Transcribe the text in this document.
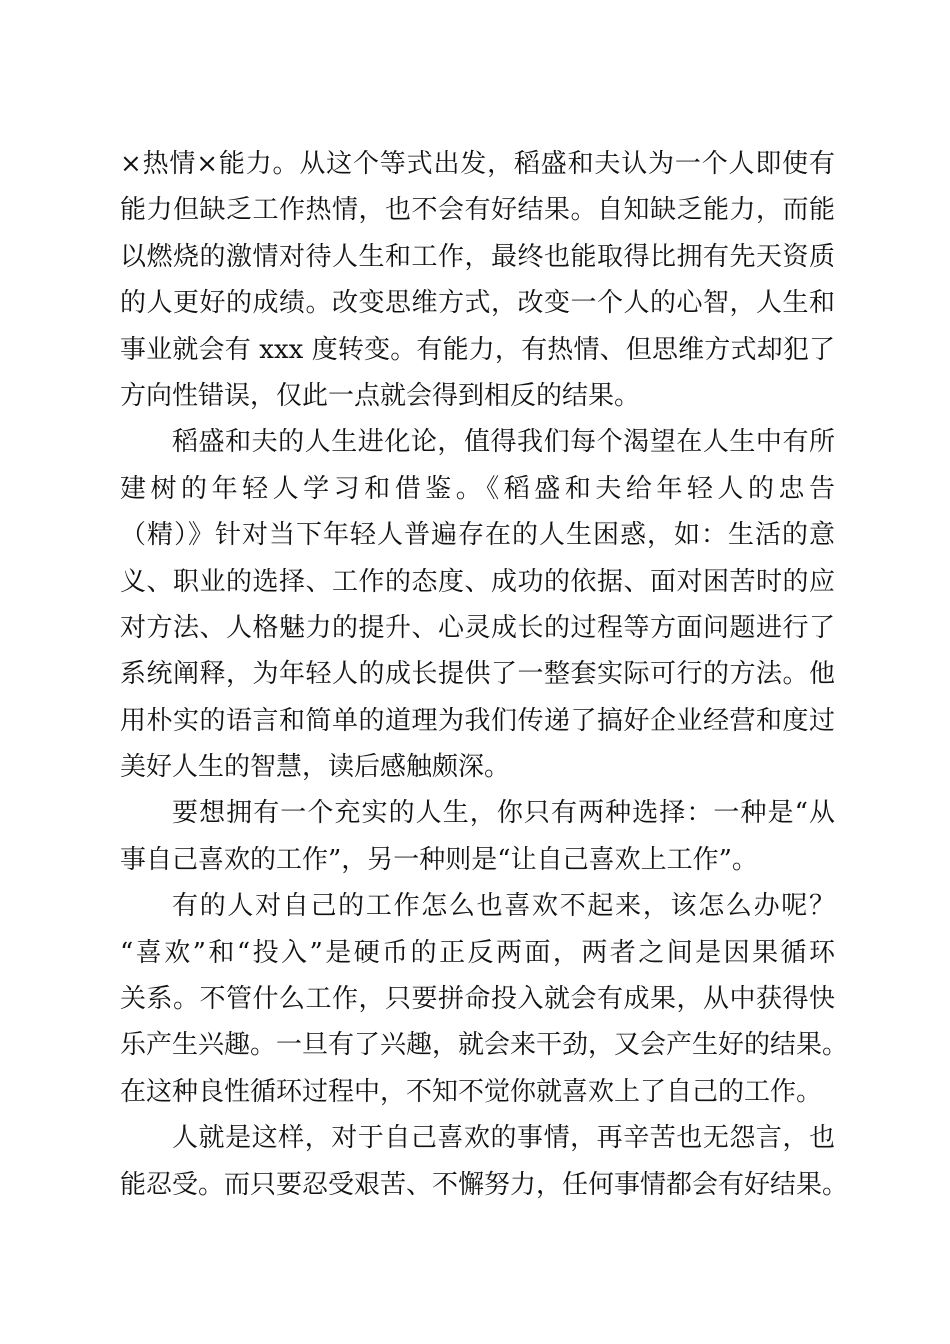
×热情×能力。从这个等式出发，稻盛和夫认为一个人即使有
能力但缺乏工作热情，也不会有好结果。自知缺乏能力，而能
以燃烧的激情对待人生和工作，最终也能取得比拥有先天资质
的人更好的成绩。改变思维方式，改变一个人的心智，人生和
事业就会有 xxx 度转变。有能力，有热情、但思维方式却犯了
方向性错误，仅此一点就会得到相反的结果。
稻盛和夫的人生进化论，值得我们每个渴望在人生中有所
建树的年轻人学习和借鉴。《稻盛和夫给年轻人的忠告
（精）》针对当下年轻人普遍存在的人生困惑，如：生活的意
义、职业的选择、工作的态度、成功的依据、面对困苦时的应
对方法、人格魅力的提升、心灵成长的过程等方面问题进行了
系统阐释，为年轻人的成长提供了一整套实际可行的方法。他
用朴实的语言和简单的道理为我们传递了搞好企业经营和度过
美好人生的智慧，读后感触颇深。
要想拥有一个充实的人生，你只有两种选择：一种是“从
事自己喜欢的工作”，另一种则是“让自己喜欢上工作”。
有的人对自己的工作怎么也喜欢不起来，该怎么办呢？
“喜欢”和“投入”是硬币的正反两面，两者之间是因果循环
关系。不管什么工作，只要拼命投入就会有成果，从中获得快
乐产生兴趣。一旦有了兴趣，就会来干劲，又会产生好的结果。
在这种良性循环过程中，不知不觉你就喜欢上了自己的工作。
人就是这样，对于自己喜欢的事情，再辛苦也无怨言，也
能忍受。而只要忍受艰苦、不懈努力，任何事情都会有好结果。
